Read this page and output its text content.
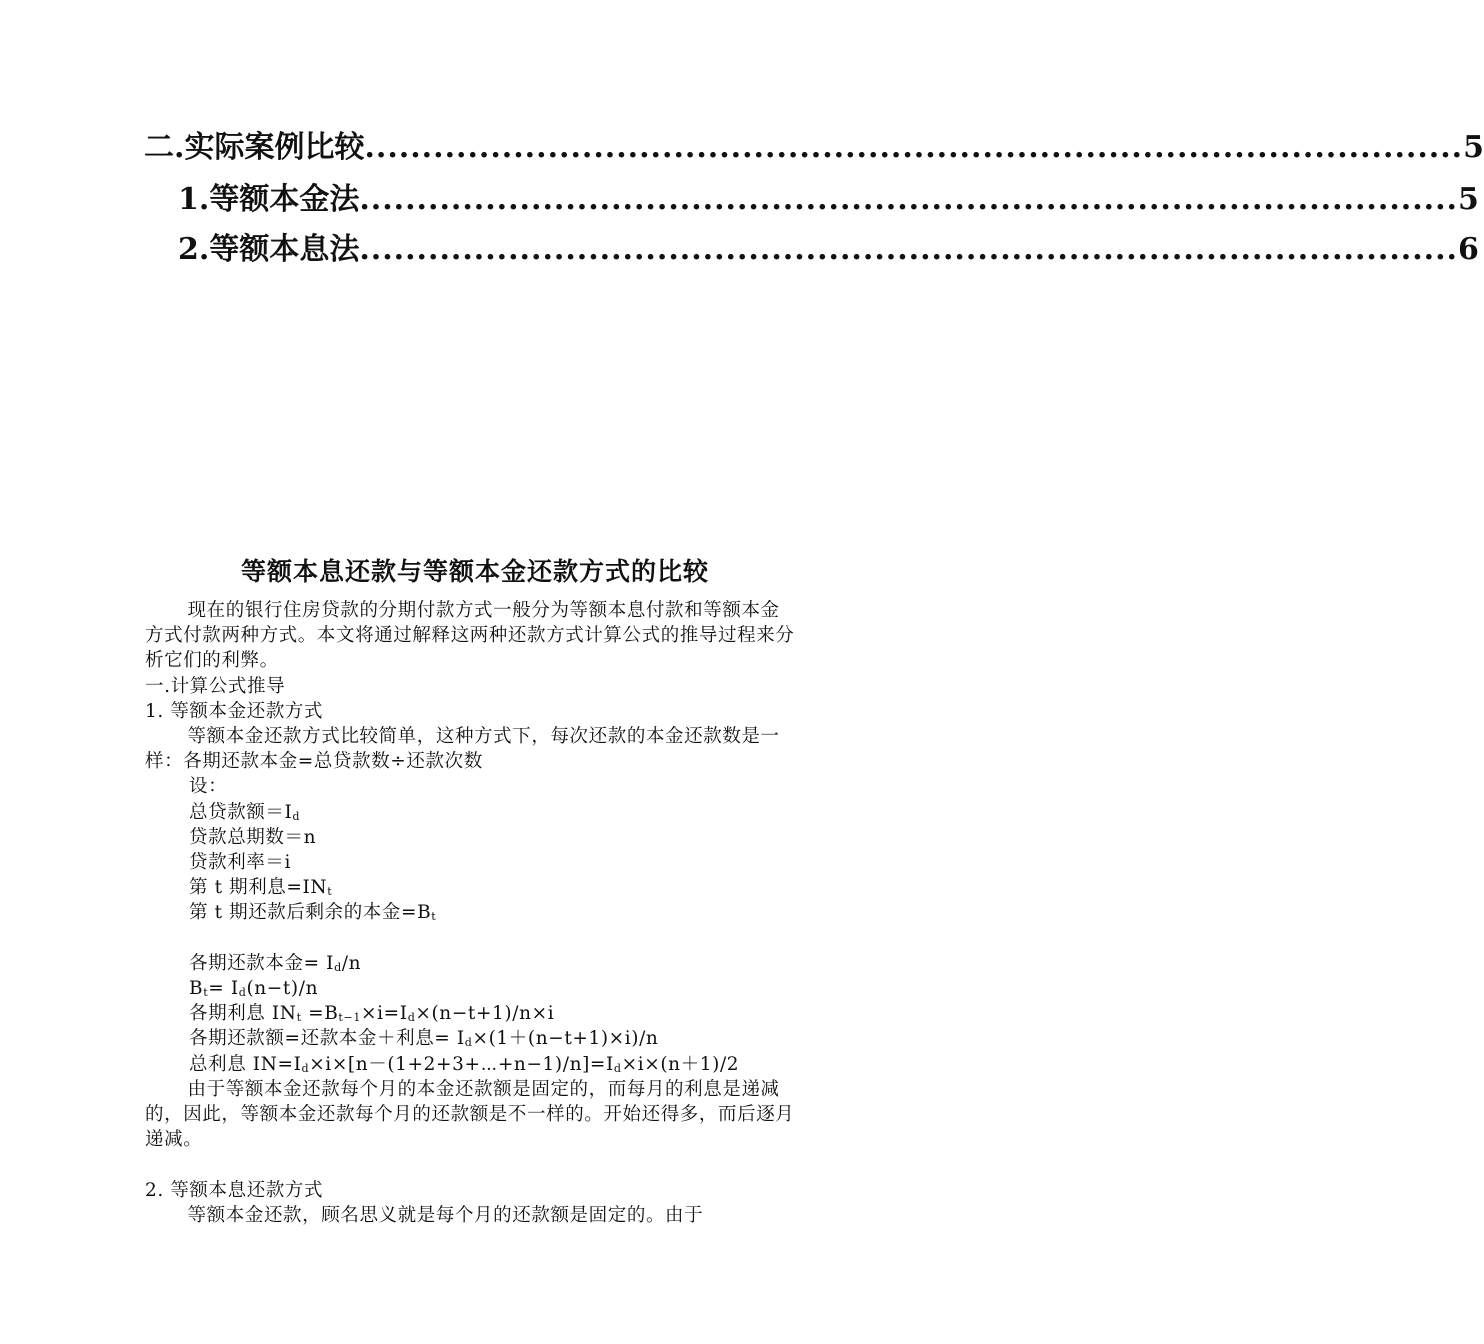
二.实际案例比较 ................................................................................................ 5
1.等额本金法 ................................................................................................ 5
2.等额本息法 ................................................................................................ 6
等额本息还款与等额本金还款方式的比较

现在的银行住房贷款的分期付款方式一般分为等额本息付款和等额本金方式付款两种方式。本文将通过解释这两种还款方式计算公式的推导过程来分析它们的利弊。

一.计算公式推导

1. 等额本金还款方式

等额本金还款方式比较简单，这种方式下，每次还款的本金还款数是一样：各期还款本金=总贷款数÷还款次数

设：

总贷款额$=I_d$

贷款总期数＝n

贷款利率＝i

第 t 期利息$=IN_t$

第 t 期还款后剩余的本金$=B_t$

各期还款本金= $I_d/n$

$B_t= I_d(n-t)/n$

各期利息 $IN_t =B_{t-1}\times i=I_d\times(n-t+1)/n\times i$

各期还款额=还款本金＋利息= $I_d\times(1+(n-t+1)\times i)/n$

总利息 $IN=I_d\times i\times[n-(1+2+3+\cdots+n-1)/n]=I_d\times i\times(n+1)/2$

由于等额本金还款每个月的本金还款额是固定的，而每月的利息是递减的，因此，等额本金还款每个月的还款额是不一样的。开始还得多，而后逐月递减。

2. 等额本息还款方式

等额本金还款，顾名思义就是每个月的还款额是固定的。由于
